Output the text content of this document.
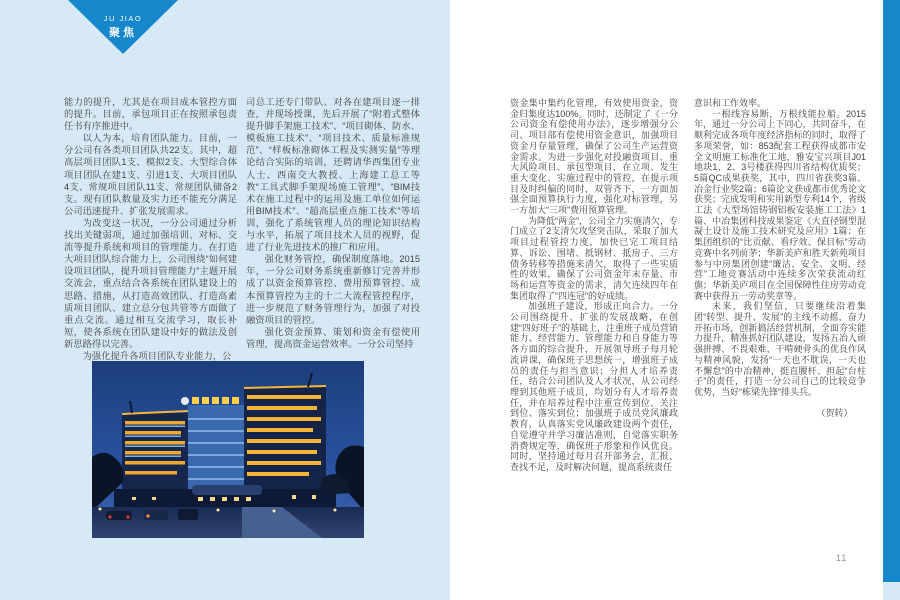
JU JIAO
聚焦

能力的提升，尤其是在项目成本管控方面的提升。目前，承包项目正在按照承包责任书有序推进中。

以人为本，培育团队能力。目前，一分公司有各类项目团队共22支。其中，超高层项目团队1支、模拟2支、大型综合体项目团队在建1支、引进1支、大项目团队4支、常规项目团队11支、常规团队储备2支。现有团队数量及实力还不能充分满足公司迅速提升、扩张发展需求。

为改变这一状况，一分公司通过分析找出关键弱项，通过加强培训、对标、交流等提升系统和项目的管理能力。在打造大项目团队综合能力上，公司围绕“如何建设项目团队，提升项目管理能力”主题开展交流会，重点结合各系统在团队建设上的思路、措施，从打造高效团队、打造高素质项目团队、建立总分包共管等方面做了重点交流。通过相互交流学习，取长补短，使各系统在团队建设中好的做法及创新思路得以完善。

为强化提升各项目团队专业能力，公

司总工还专门带队、对各在建项目逐一排查，并现场授课，先后开展了“附着式整体提升脚手架施工技术”、“项目砌体、防水、模板施工技术”、“项目技术、质量标准规范”、“样板标准砌体工程及实测实量”等理论结合实际的培训，还聘请华西集团专业人士、西南交大教授、上海建工总工等教“工具式脚手架现场施工管理”、“BIM技术在施工过程中的运用及施工单位如何运用BIM技术”、“超高层重点施工技术”等培训，强化了系统管理人员的理论知识结构与水平，拓展了项目技术人员的视野，促进了行业先进技术的推广和应用。

强化财务管控，确保制度落地。2015年，一分公司财务系统重新修订完善并形成了以资金预算管控、费用预算管控、成本预算管控为主的十二大流程管控程序，进一步规范了财务管理行为，加强了对投融资项目的管控。

强化资金预算、策划和资金有偿使用管理，提高资金运营效率。一分公司坚持

资金集中集约化管理，有效使用资金，资金归集度达100%。同时，还制定了《一分公司资金有偿使用办法》，逐步增强分公司、项目部有偿使用资金意识，加强项目资金月存量管理，确保了公司生产运营资金需求。为进一步强化对投融资项目、重大风险项目、承包型项目，在立项、发生重大变化、实施过程中的管控，在提示项目及时纠偏的同时，双管齐下，一方面加强全面预算执行力度，强化对标管理，另一方加大“三项”费用预算管理。

为降低“两金”，公司全力实施清欠，专门成立了2支清欠攻坚突击队，采取了加大项目过程管控力度，加快已完工项目结算、诉讼、围堵、抵钢材、抵房子、三方债务转移等措施来清欠，取得了一些实质性的效果，确保了公司资金年末存量、市场和运营等资金的需求，清欠连续四年在集团取得了“四连冠”的好成绩。

加强班子建设，形成正向合力。一分公司围绕提升、扩张的发展战略，在创建“四好班子”的基础上，注重班子成员营销能力、经营能力、管理能力和自身能力等各方面的综合提升，开展领导班子每月轮流讲课，确保班子思想统一，增强班子成员的责任与担当意识；分担人才培养责任，结合公司团队及人才状况，从公司经理到其他班子成员，均划分有人才培养责任，并在培养过程中注重宣传到位、关注到位、落实到位；加强班子成员党风廉政教育，认真落实党风廉政建设两个责任，自觉遵守并学习廉洁准则，自觉落实职务消费规定等，确保班子形象和作风优良。同时，坚持通过每月召开部务会，汇报、查找不足，及时解决问题，提高系统责任

意识和工作效率。

一根线容易断，万根线能拉船。2015年，通过一分公司上下同心，共同奋斗，在顺利完成各项年度经济指标的同时，取得了多项荣誉，如：853配套工程获得成都市安全文明施工标准化工地，雅安宝兴项目J01地块1、2、3号楼获得四川省结构优质奖；5篇QC成果获奖，其中，四川省获奖3篇、冶金行业奖2篇；6篇论文获成都市优秀论文获奖；完成发明和实用新型专利14个，省级工法《大型场馆铸钢铝板安装施工工法》1篇、中冶集团科技成果鉴定《大直径钢型混凝土设计及施工技术研究及应用》1篇；在集团组织的“比贡献、看疗效、保目标”劳动竞赛中名列前茅；华新美庐和胜天新苑项目参与中房集团创建“廉洁、安全、文明、经营”工地竞赛活动中连续多次荣获流动红旗；华新美庐项目在全国保障性住房劳动竞赛中获得五一劳动奖章等。

未来，我们坚信，只要继续沿着集团“转型、提升、发展”的主线不动摇，奋力开拓市场，创新搞活经营机制，全面夯实能力提升，精准抓好团队建设，发扬五冶人顽强拼搏、不畏艰难、干啃硬骨头的优良作风与精神风貌，发扬“一天也不耽误，一天也不懈怠”的中冶精神，挺直腰杆、担起“台柱子”的责任，打造一分公司自己的比较竞争优势，当好“栋梁先锋”排头兵。

（贺转）

11
